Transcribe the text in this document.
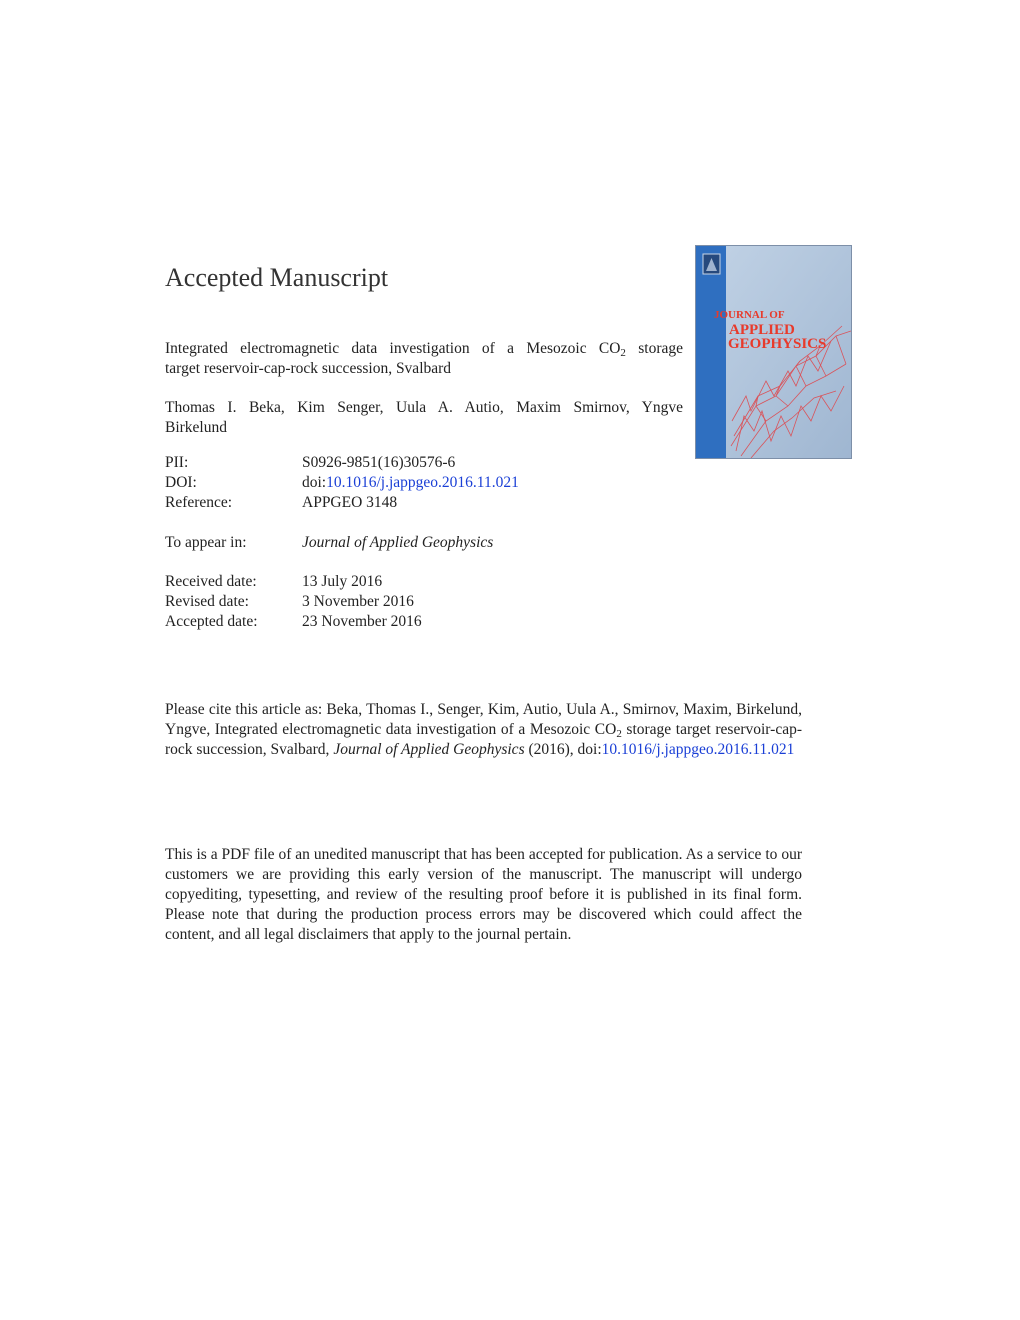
Accepted Manuscript
Integrated electromagnetic data investigation of a Mesozoic $CO_2$ storage
target reservoir-cap-rock succession, Svalbard
Thomas I. Beka, Kim Senger, Uula A. Autio, Maxim Smirnov, Yngve
Birkelund
PII:	S0926-9851(16)30576-6
DOI:	doi:10.1016/j.jappgeo.2016.11.021
Reference:	APPGEO 3148
To appear in:	Journal of Applied Geophysics
Received date:	13 July 2016
Revised date:	3 November 2016
Accepted date:	23 November 2016
Please cite this article as: Beka, Thomas I., Senger, Kim, Autio, Uula A., Smirnov, Maxim, Birkelund, Yngve, Integrated electromagnetic data investigation of a Mesozoic $CO_2$ storage target reservoir-cap-rock succession, Svalbard, Journal of Applied Geophysics (2016), doi:10.1016/j.jappgeo.2016.11.021
This is a PDF file of an unedited manuscript that has been accepted for publication. As a service to our customers we are providing this early version of the manuscript. The manuscript will undergo copyediting, typesetting, and review of the resulting proof before it is published in its final form. Please note that during the production process errors may be discovered which could affect the content, and all legal disclaimers that apply to the journal pertain.
JOURNAL OF
APPLIED
GEOPHYSICS
